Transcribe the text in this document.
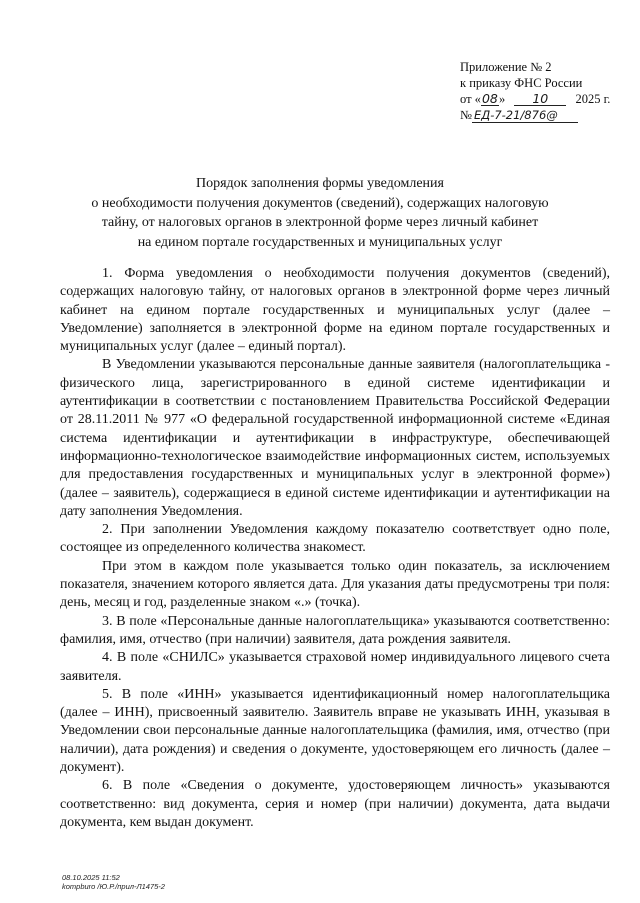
Приложение № 2
к приказу ФНС России
от «08» 10 2025 г.
№ ЕД-7-21/876@
Порядок заполнения формы уведомления
о необходимости получения документов (сведений), содержащих налоговую
тайну, от налоговых органов в электронной форме через личный кабинет
на едином портале государственных и муниципальных услуг

1. Форма уведомления о необходимости получения документов (сведений), содержащих налоговую тайну, от налоговых органов в электронной форме через личный кабинет на едином портале государственных и муниципальных услуг (далее – Уведомление) заполняется в электронной форме на едином портале государственных и муниципальных услуг (далее – единый портал).

В Уведомлении указываются персональные данные заявителя (налогоплательщика - физического лица, зарегистрированного в единой системе идентификации и аутентификации в соответствии с постановлением Правительства Российской Федерации от 28.11.2011 № 977 «О федеральной государственной информационной системе «Единая система идентификации и аутентификации в инфраструктуре, обеспечивающей информационно-технологическое взаимодействие информационных систем, используемых для предоставления государственных и муниципальных услуг в электронной форме») (далее – заявитель), содержащиеся в единой системе идентификации и аутентификации на дату заполнения Уведомления.

2. При заполнении Уведомления каждому показателю соответствует одно поле, состоящее из определенного количества знакомест.

При этом в каждом поле указывается только один показатель, за исключением показателя, значением которого является дата. Для указания даты предусмотрены три поля: день, месяц и год, разделенные знаком «.» (точка).

3. В поле «Персональные данные налогоплательщика» указываются соответственно: фамилия, имя, отчество (при наличии) заявителя, дата рождения заявителя.

4. В поле «СНИЛС» указывается страховой номер индивидуального лицевого счета заявителя.

5. В поле «ИНН» указывается идентификационный номер налогоплательщика (далее – ИНН), присвоенный заявителю. Заявитель вправе не указывать ИНН, указывая в Уведомлении свои персональные данные налогоплательщика (фамилия, имя, отчество (при наличии), дата рождения) и сведения о документе, удостоверяющем его личность (далее – документ).

6. В поле «Сведения о документе, удостоверяющем личность» указываются соответственно: вид документа, серия и номер (при наличии) документа, дата выдачи документа, кем выдан документ.

08.10.2025 11:52
kompburo /Ю.Р./прил-Л1475-2
